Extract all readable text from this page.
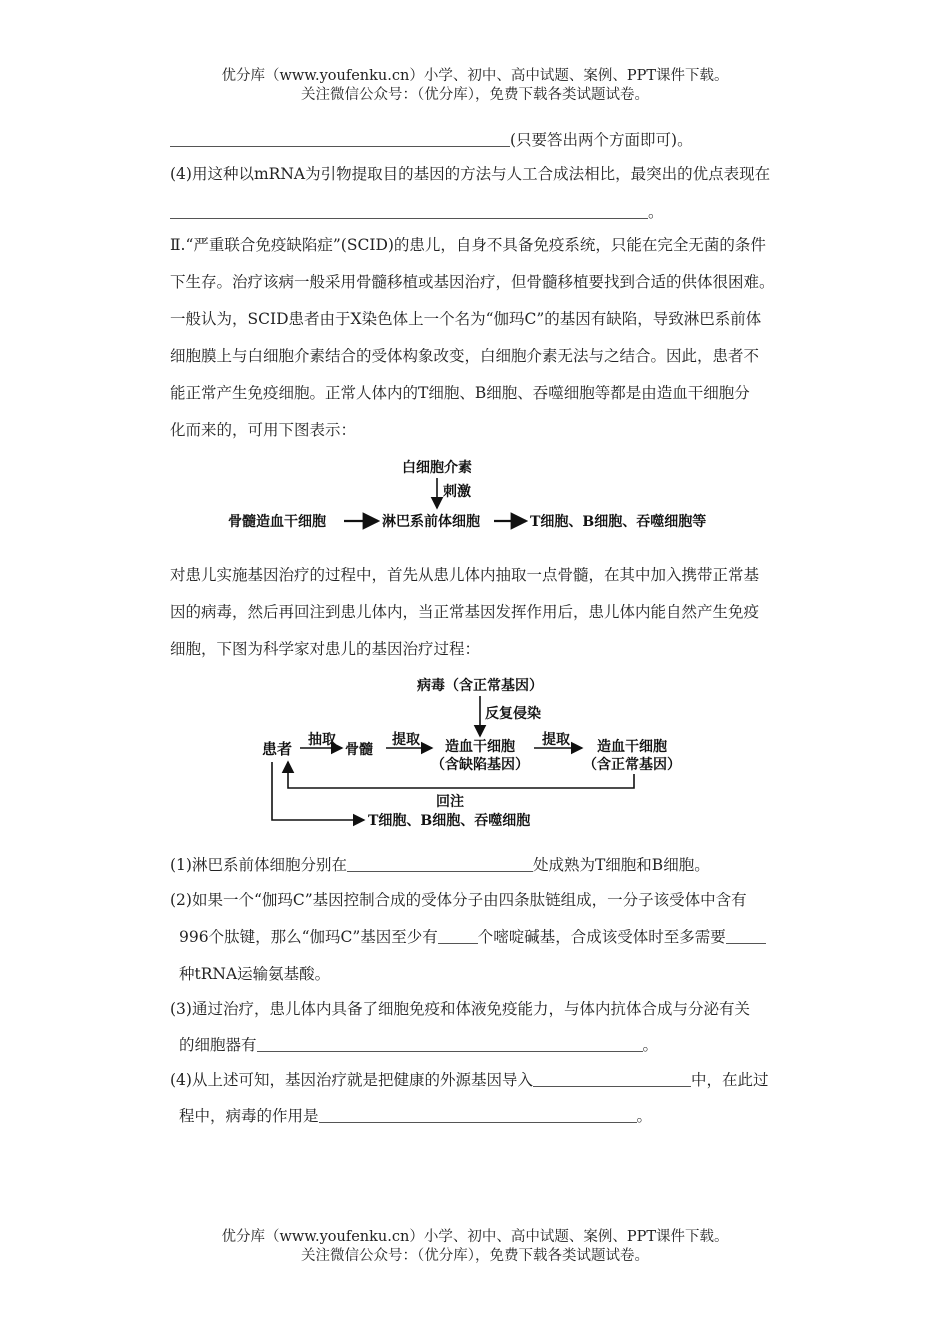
优分库（www.youfenku.cn）小学、初中、高中试题、案例、PPT课件下载。
关注微信公众号：（优分库），免费下载各类试题试卷。
(只要答出两个方面即可)。
(4)用这种以mRNA为引物提取目的基因的方法与人工合成法相比，最突出的优点表现在
。
Ⅱ.“严重联合免疫缺陷症”(SCID)的患儿，自身不具备免疫系统，只能在完全无菌的条件
下生存。治疗该病一般采用骨髓移植或基因治疗，但骨髓移植要找到合适的供体很困难。
一般认为，SCID患者由于X染色体上一个名为“伽玛C”的基因有缺陷，导致淋巴系前体
细胞膜上与白细胞介素结合的受体构象改变，白细胞介素无法与之结合。因此，患者不
能正常产生免疫细胞。正常人体内的T细胞、B细胞、吞噬细胞等都是由造血干细胞分
化而来的，可用下图表示：
白细胞介素
刺激
骨髓造血干细胞	淋巴系前体细胞	T细胞、B细胞、吞噬细胞等
对患儿实施基因治疗的过程中，首先从患儿体内抽取一点骨髓，在其中加入携带正常基
因的病毒，然后再回注到患儿体内，当正常基因发挥作用后，患儿体内能自然产生免疫
细胞，下图为科学家对患儿的基因治疗过程：
病毒（含正常基因）
反复侵染
患者 抽取
骨髓
提取 造血干细胞
（含缺陷基因）
提取 造血干细胞
（含正常基因）
回注
T细胞、B细胞、吞噬细胞
(1)淋巴系前体细胞分别在	处成熟为T细胞和B细胞。
(2)如果一个“伽玛C”基因控制合成的受体分子由四条肽链组成，一分子该受体中含有
996个肽键，那么“伽玛C”基因至少有	个嘧啶碱基，合成该受体时至多需要
种tRNA运输氨基酸。
(3)通过治疗，患儿体内具备了细胞免疫和体液免疫能力，与体内抗体合成与分泌有关
的细胞器有	。
(4)从上述可知，基因治疗就是把健康的外源基因导入	中，在此过
程中，病毒的作用是	。
优分库（www.youfenku.cn）小学、初中、高中试题、案例、PPT课件下载。
关注微信公众号：（优分库），免费下载各类试题试卷。
